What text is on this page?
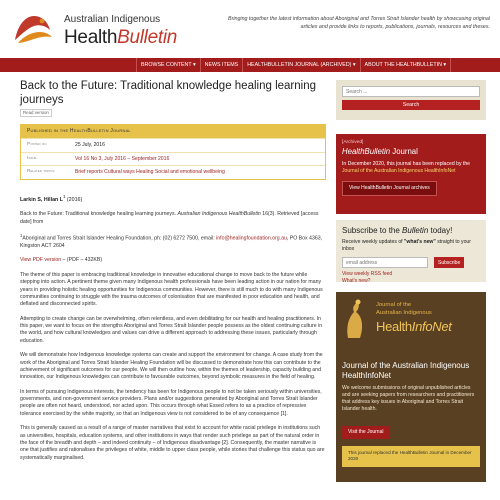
Australian Indigenous
HealthBulletin
Bringing together the latest information about Aboriginal and Torres Strait Islander health by showcasing original articles and provide links to reports, publications, journals, resources and theses.
BROWSE CONTENT ▾	NEWS ITEMS	HEALTHBULLETIN JOURNAL (ARCHIVED) ▾	ABOUT THE HEALTHBULLETIN ▾
Back to the Future: Traditional knowledge healing learning journeys
Read version
Published in the HealthBulletin Journal
Posted on	25 July, 2016
Issue	Vol 16 No 3, July 2016 – September 2016
Related topics	Brief reports Cultural ways Healing Social and emotional wellbeing
Larkin S, Hillan $L^1$ (2016)
Back to the Future: Traditional knowledge healing learning journeys. Australian Indigenous HealthBulletin 16(3). Retrieved [access date] from
$^1$Aboriginal and Torres Strait Islander Healing Foundation, ph: (02) 6272 7500, email: info@healingfoundation.org.au, PO Box 4363, Kingston ACT 2604
View PDF version – (PDF – 432KB)

The theme of this paper is embracing traditional knowledge in innovative educational change to move back to the future while stepping into action. A pertinent theme given many Indigenous health professionals have been leading action in our nation for many years in providing holistic healing opportunities for Indigenous communities. However, there is still much to do with many Indigenous communities continuing to struggle with the trauma outcomes of colonisation that are manifested in poor education and health, and deflated and disconnected spirits.

Attempting to create change can be overwhelming, often relentless, and even debilitating for our health and healing practitioners. In this paper, we want to focus on the strengths Aboriginal and Torres Strait Islander people possess as the oldest continuing culture in the world, and how cultural knowledges and values can drive a different approach to addressing these issues, particularly through education.

We will demonstrate how Indigenous knowledge systems can create and support the environment for change. A case study from the work of the Aboriginal and Torres Strait Islander Healing Foundation will be discussed to demonstrate how this can contribute to the achievement of significant outcomes for our people. We will then outline how, within the themes of leadership, capacity building and innovation, our Indigenous knowledges can contribute to favourable outcomes, beyond symbolic measures in the field of healing.

In terms of pursuing Indigenous interests, the tendency has been for Indigenous people to not be taken seriously within universities, governments, and non-government service providers. Plans and/or suggestions generated by Aboriginal and Torres Strait Islander people are often not heard, understood, nor acted upon. This occurs through what Essed refers to as a practice of repressive tolerance exercised by the white majority, so that an Indigenous view is not considered to be of any consequence [1].

This is generally caused as a result of a range of master narratives that exist to account for white racial privilege in institutions such as universities, hospitals, education systems, and other institutions in ways that render such privilege as part of the natural order in the face of the breadth and depth – and indeed continuity – of Indigenous disadvantage [2]. Consequently, the master narrative is one that justifies and rationalises the privileges of white, middle to upper class people, while stories that challenge this status quo are systematically marginalised.

Search ...
Search
[Archived]
HealthBulletin Journal
In December 2020, this journal has been replaced by the Journal of the Australian Indigenous HealthInfoNet
View HealthBulletin Journal archives
Subscribe to the Bulletin today!
Receive weekly updates of "what's new" straight to your inbox
email address
Subscribe
View weekly RSS feed
What's new?
Journal of the
Australian Indigenous
HealthInfoNet
Journal of the Australian Indigenous HealthInfoNet
We welcome submissions of original unpublished articles and are seeking papers from researchers and practitioners that address key issues in Aboriginal and Torres Strait Islander health.
Visit the Journal
This journal replaced the HealthBulletin Journal in December 2020
